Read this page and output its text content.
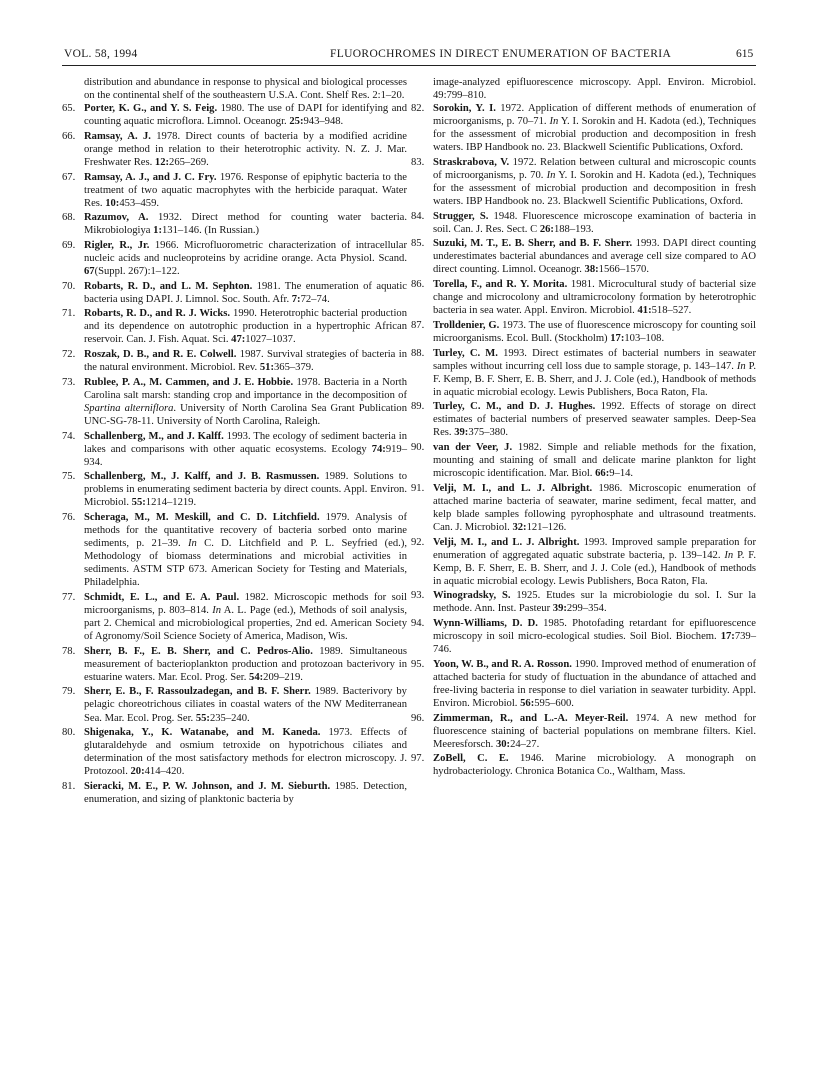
VOL. 58, 1994	FLUOROCHROMES IN DIRECT ENUMERATION OF BACTERIA	615

distribution and abundance in response to physical and biological processes on the continental shelf of the southeastern U.S.A. Cont. Shelf Res. 2:1–20.

65. Porter, K. G., and Y. S. Feig. 1980. The use of DAPI for identifying and counting aquatic microflora. Limnol. Oceanogr. 25:943–948.

66. Ramsay, A. J. 1978. Direct counts of bacteria by a modified acridine orange method in relation to their heterotrophic activity. N. Z. J. Mar. Freshwater Res. 12:265–269.

67. Ramsay, A. J., and J. C. Fry. 1976. Response of epiphytic bacteria to the treatment of two aquatic macrophytes with the herbicide paraquat. Water Res. 10:453–459.

68. Razumov, A. 1932. Direct method for counting water bacteria. Mikrobiologiya 1:131–146. (In Russian.)

69. Rigler, R., Jr. 1966. Microfluorometric characterization of intracellular nucleic acids and nucleoproteins by acridine orange. Acta Physiol. Scand. 67(Suppl. 267):1–122.

70. Robarts, R. D., and L. M. Sephton. 1981. The enumeration of aquatic bacteria using DAPI. J. Limnol. Soc. South. Afr. 7:72–74.

71. Robarts, R. D., and R. J. Wicks. 1990. Heterotrophic bacterial production and its dependence on autotrophic production in a hypertrophic African reservoir. Can. J. Fish. Aquat. Sci. 47:1027–1037.

72. Roszak, D. B., and R. E. Colwell. 1987. Survival strategies of bacteria in the natural environment. Microbiol. Rev. 51:365–379.

73. Rublee, P. A., M. Cammen, and J. E. Hobbie. 1978. Bacteria in a North Carolina salt marsh: standing crop and importance in the decomposition of Spartina alterniflora. University of North Carolina Sea Grant Publication UNC-SG-78-11. University of North Carolina, Raleigh.

74. Schallenberg, M., and J. Kalff. 1993. The ecology of sediment bacteria in lakes and comparisons with other aquatic ecosystems. Ecology 74:919–934.

75. Schallenberg, M., J. Kalff, and J. B. Rasmussen. 1989. Solutions to problems in enumerating sediment bacteria by direct counts. Appl. Environ. Microbiol. 55:1214–1219.

76. Scheraga, M., M. Meskill, and C. D. Litchfield. 1979. Analysis of methods for the quantitative recovery of bacteria sorbed onto marine sediments, p. 21–39. In C. D. Litchfield and P. L. Seyfried (ed.), Methodology of biomass determinations and microbial activities in sediments. ASTM STP 673. American Society for Testing and Materials, Philadelphia.

77. Schmidt, E. L., and E. A. Paul. 1982. Microscopic methods for soil microorganisms, p. 803–814. In A. L. Page (ed.), Methods of soil analysis, part 2. Chemical and microbiological properties, 2nd ed. American Society of Agronomy/Soil Science Society of America, Madison, Wis.

78. Sherr, B. F., E. B. Sherr, and C. Pedros-Alio. 1989. Simultaneous measurement of bacterioplankton production and protozoan bacterivory in estuarine waters. Mar. Ecol. Prog. Ser. 54:209–219.

79. Sherr, E. B., F. Rassoulzadegan, and B. F. Sherr. 1989. Bacterivory by pelagic choreotrichous ciliates in coastal waters of the NW Mediterranean Sea. Mar. Ecol. Prog. Ser. 55:235–240.

80. Shigenaka, Y., K. Watanabe, and M. Kaneda. 1973. Effects of glutaraldehyde and osmium tetroxide on hypotrichous ciliates and determination of the most satisfactory methods for electron microscopy. J. Protozool. 20:414–420.

81. Sieracki, M. E., P. W. Johnson, and J. M. Sieburth. 1985. Detection, enumeration, and sizing of planktonic bacteria by

image-analyzed epifluorescence microscopy. Appl. Environ. Microbiol. 49:799–810.

82. Sorokin, Y. I. 1972. Application of different methods of enumeration of microorganisms, p. 70–71. In Y. I. Sorokin and H. Kadota (ed.), Techniques for the assessment of microbial production and decomposition in fresh waters. IBP Handbook no. 23. Blackwell Scientific Publications, Oxford.

83. Straskrabova, V. 1972. Relation between cultural and microscopic counts of microorganisms, p. 70. In Y. I. Sorokin and H. Kadota (ed.), Techniques for the assessment of microbial production and decomposition in fresh waters. IBP Handbook no. 23. Blackwell Scientific Publications, Oxford.

84. Strugger, S. 1948. Fluorescence microscope examination of bacteria in soil. Can. J. Res. Sect. C 26:188–193.

85. Suzuki, M. T., E. B. Sherr, and B. F. Sherr. 1993. DAPI direct counting underestimates bacterial abundances and average cell size compared to AO direct counting. Limnol. Oceanogr. 38:1566–1570.

86. Torella, F., and R. Y. Morita. 1981. Microcultural study of bacterial size change and microcolony and ultramicrocolony formation by heterotrophic bacteria in sea water. Appl. Environ. Microbiol. 41:518–527.

87. Trolldenier, G. 1973. The use of fluorescence microscopy for counting soil microorganisms. Ecol. Bull. (Stockholm) 17:103–108.

88. Turley, C. M. 1993. Direct estimates of bacterial numbers in seawater samples without incurring cell loss due to sample storage, p. 143–147. In P. F. Kemp, B. F. Sherr, E. B. Sherr, and J. J. Cole (ed.), Handbook of methods in aquatic microbial ecology. Lewis Publishers, Boca Raton, Fla.

89. Turley, C. M., and D. J. Hughes. 1992. Effects of storage on direct estimates of bacterial numbers of preserved seawater samples. Deep-Sea Res. 39:375–380.

90. van der Veer, J. 1982. Simple and reliable methods for the fixation, mounting and staining of small and delicate marine plankton for light microscopic identification. Mar. Biol. 66:9–14.

91. Velji, M. I., and L. J. Albright. 1986. Microscopic enumeration of attached marine bacteria of seawater, marine sediment, fecal matter, and kelp blade samples following pyrophosphate and ultrasound treatments. Can. J. Microbiol. 32:121–126.

92. Velji, M. I., and L. J. Albright. 1993. Improved sample preparation for enumeration of aggregated aquatic substrate bacteria, p. 139–142. In P. F. Kemp, B. F. Sherr, E. B. Sherr, and J. J. Cole (ed.), Handbook of methods in aquatic microbial ecology. Lewis Publishers, Boca Raton, Fla.

93. Winogradsky, S. 1925. Etudes sur la microbiologie du sol. I. Sur la methode. Ann. Inst. Pasteur 39:299–354.

94. Wynn-Williams, D. D. 1985. Photofading retardant for epifluorescence microscopy in soil micro-ecological studies. Soil Biol. Biochem. 17:739–746.

95. Yoon, W. B., and R. A. Rosson. 1990. Improved method of enumeration of attached bacteria for study of fluctuation in the abundance of attached and free-living bacteria in response to diel variation in seawater turbidity. Appl. Environ. Microbiol. 56:595–600.

96. Zimmerman, R., and L.-A. Meyer-Reil. 1974. A new method for fluorescence staining of bacterial populations on membrane filters. Kiel. Meeresforsch. 30:24–27.

97. ZoBell, C. E. 1946. Marine microbiology. A monograph on hydrobacteriology. Chronica Botanica Co., Waltham, Mass.
